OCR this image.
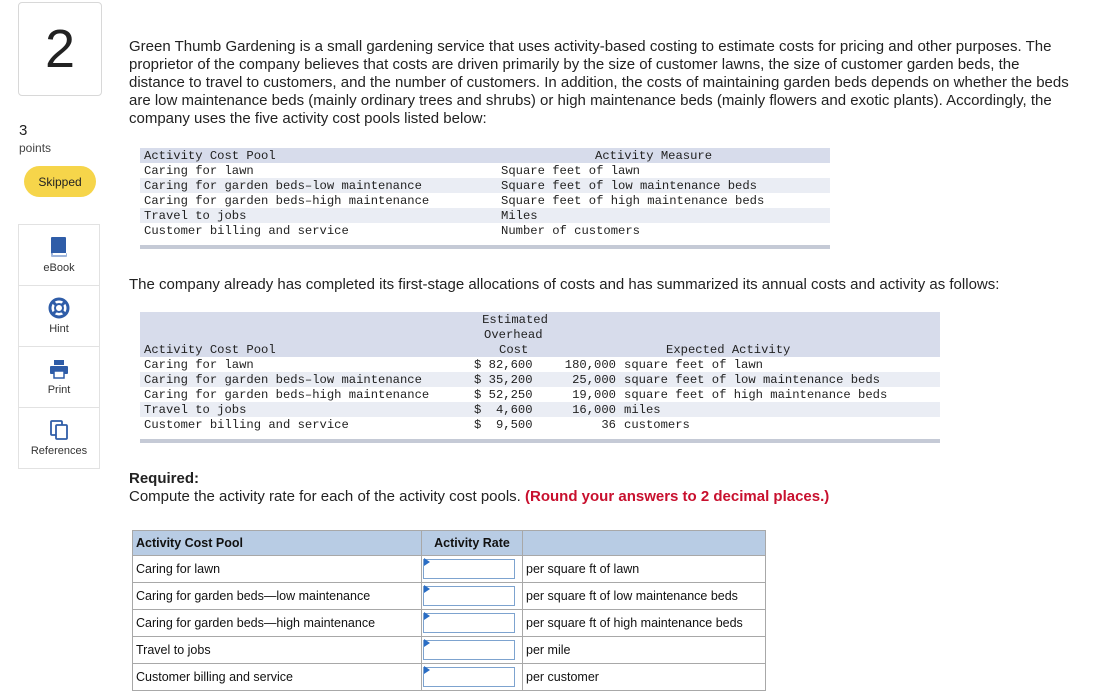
2
3
points
Skipped
eBook
Hint
Print
References
Green Thumb Gardening is a small gardening service that uses activity-based costing to estimate costs for pricing and other purposes. The proprietor of the company believes that costs are driven primarily by the size of customer lawns, the size of customer garden beds, the distance to travel to customers, and the number of customers. In addition, the costs of maintaining garden beds depends on whether the beds are low maintenance beds (mainly ordinary trees and shrubs) or high maintenance beds (mainly flowers and exotic plants). Accordingly, the company uses the five activity cost pools listed below:
Activity Cost Pool	Activity Measure
Caring for lawn	Square feet of lawn
Caring for garden beds–low maintenance	Square feet of low maintenance beds
Caring for garden beds–high maintenance	Square feet of high maintenance beds
Travel to jobs	Miles
Customer billing and service	Number of customers
The company already has completed its first-stage allocations of costs and has summarized its annual costs and activity as follows:
Estimated
Overhead
Cost
Activity Cost Pool	Expected Activity
Caring for lawn	$ 82,600	180,000 square feet of lawn
Caring for garden beds–low maintenance	$ 35,200	25,000 square feet of low maintenance beds
Caring for garden beds–high maintenance	$ 52,250	19,000 square feet of high maintenance beds
Travel to jobs	$  4,600	16,000 miles
Customer billing and service	$  9,500	36 customers
Required:
Compute the activity rate for each of the activity cost pools. (Round your answers to 2 decimal places.)
Activity Cost Pool	Activity Rate	
Caring for lawn		per square ft of lawn
Caring for garden beds—low maintenance		per square ft of low maintenance beds
Caring for garden beds—high maintenance		per square ft of high maintenance beds
Travel to jobs		per mile
Customer billing and service		per customer
